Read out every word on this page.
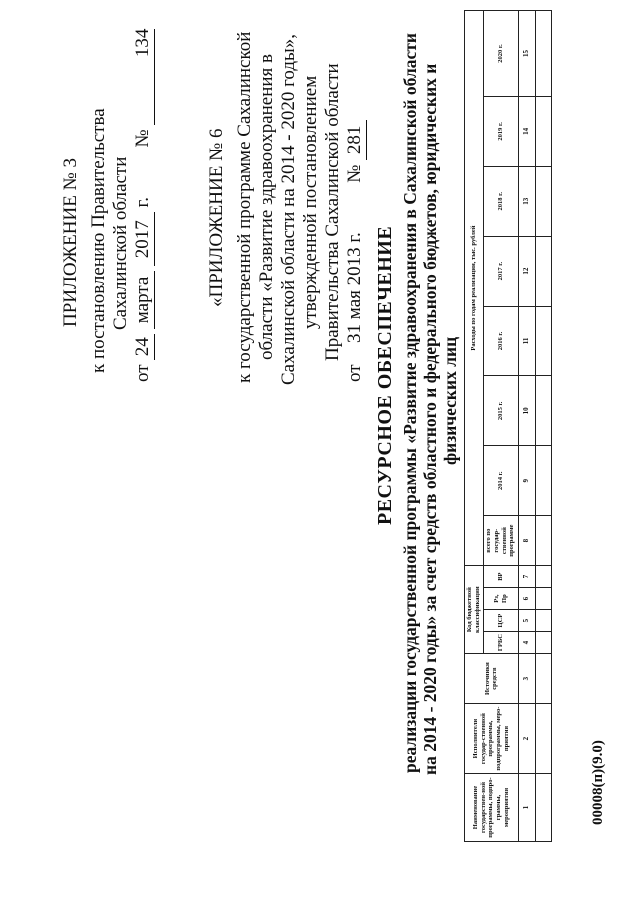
ПРИЛОЖЕНИЕ № 3 к постановлению Правительства Сахалинской области
от 24 марта 2017 г.  № 134
«ПРИЛОЖЕНИЕ № 6 к государственной программе Сахалинской области «Развитие здравоохранения в Сахалинской области на 2014 - 2020 годы», утвержденной постановлением Правительства Сахалинской области
от  31 мая 2013 г.  № 281
РЕСУРСНОЕ ОБЕСПЕЧЕНИЕ реализации государственной программы «Развитие здравоохранения в Сахалинской области на 2014 - 2020 годы» за счет средств областного и федерального бюджетов, юридических и физических лиц
Наименование государствен-ной программы, подпро-граммы, мероприятия	Исполнители государ-ственной программы, подпрограммы, меро-приятия	Источники средств	Код бюджетной классификации				Расходы по годам реализации, тыс. рублей							
			ГРБС	ЦСР	Рз, Пр	ВР	всего по государ-ственной программе	2014 г.	2015 г.	2016 г.	2017 г.	2018 г.	2019 г.	2020 г.
1	2	3	4	5	6	7	8	9	10	11	12	13	14	15

00008(п)(9.0)
